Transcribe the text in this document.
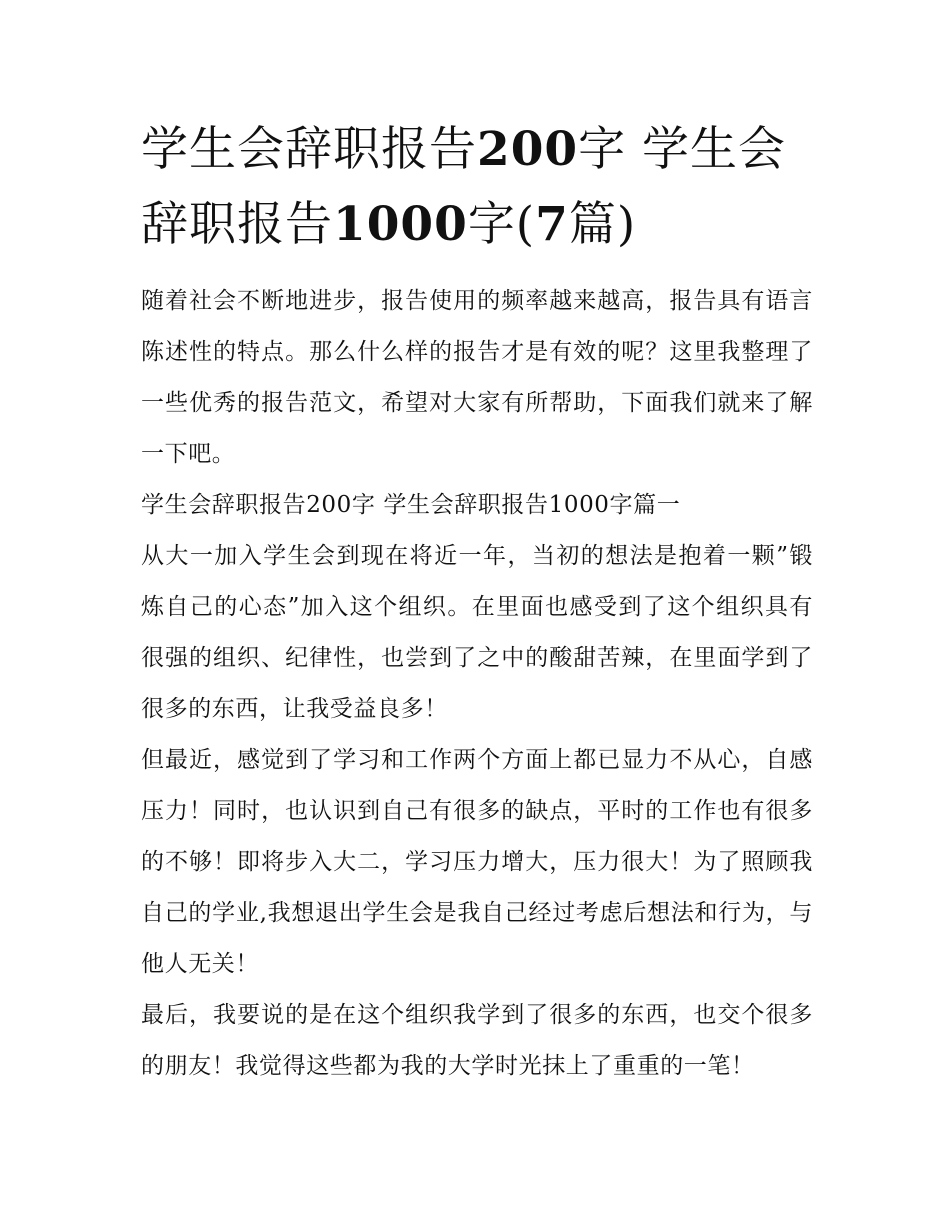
学生会辞职报告200字 学生会辞职报告1000字(7篇)

随着社会不断地进步，报告使用的频率越来越高，报告具有语言陈述性的特点。那么什么样的报告才是有效的呢？这里我整理了一些优秀的报告范文，希望对大家有所帮助，下面我们就来了解一下吧。

学生会辞职报告200字 学生会辞职报告1000字篇一

从大一加入学生会到现在将近一年，当初的想法是抱着一颗”锻炼自己的心态”加入这个组织。在里面也感受到了这个组织具有很强的组织、纪律性，也尝到了之中的酸甜苦辣，在里面学到了很多的东西，让我受益良多！

但最近，感觉到了学习和工作两个方面上都已显力不从心，自感压力！同时，也认识到自己有很多的缺点，平时的工作也有很多的不够！即将步入大二，学习压力增大，压力很大！为了照顾我自己的学业,我想退出学生会是我自己经过考虑后想法和行为，与他人无关！

最后，我要说的是在这个组织我学到了很多的东西，也交个很多的朋友！我觉得这些都为我的大学时光抹上了重重的一笔！
